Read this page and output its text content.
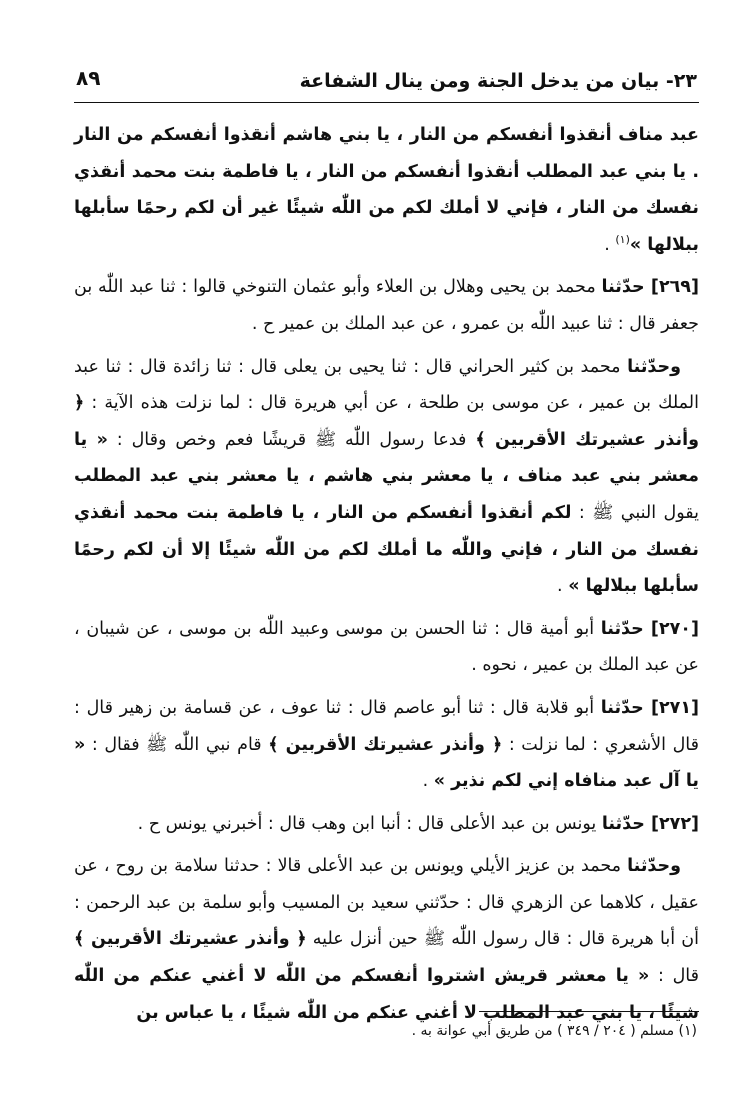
٢٣- بيان من يدخل الجنة ومن ينال الشفاعة
٨٩

عبد مناف أنقذوا أنفسكم من النار ، يا بني هاشم أنقذوا أنفسكم من النار . يا بني عبد المطلب أنقذوا أنفسكم من النار ، يا فاطمة بنت محمد أنقذي نفسك من النار ، فإني لا أملك لكم من اللّٰه شيئًا غير أن لكم رحمًا سأبلها ببلالها »$^{(١)}$ .

[٢٦٩] حدّثنا محمد بن يحيى وهلال بن العلاء وأبو عثمان التنوخي قالوا : ثنا عبد اللّٰه بن جعفر قال : ثنا عبيد اللّٰه بن عمرو ، عن عبد الملك بن عمير ح .

وحدّثنا محمد بن كثير الحراني قال : ثنا يحيى بن يعلى قال : ثنا زائدة قال : ثنا عبد الملك بن عمير ، عن موسى بن طلحة ، عن أبي هريرة قال : لما نزلت هذه الآية : ﴿ وأنذر عشيرتك الأقربين ﴾ فدعا رسول اللّٰه ﷺ قريشًا فعم وخص وقال : « يا معشر بني عبد مناف ، يا معشر بني هاشم ، يا معشر بني عبد المطلب يقول النبي ﷺ : لكم أنقذوا أنفسكم من النار ، يا فاطمة بنت محمد أنقذي نفسك من النار ، فإني واللّٰه ما أملك لكم من اللّٰه شيئًا إلا أن لكم رحمًا سأبلها ببلالها » .

[٢٧٠] حدّثنا أبو أمية قال : ثنا الحسن بن موسى وعبيد اللّٰه بن موسى ، عن شيبان ، عن عبد الملك بن عمير ، نحوه .

[٢٧١] حدّثنا أبو قلابة قال : ثنا أبو عاصم قال : ثنا عوف ، عن قسامة بن زهير قال : قال الأشعري : لما نزلت : ﴿ وأنذر عشيرتك الأقربين ﴾ قام نبي اللّٰه ﷺ فقال : « يا آل عبد منافاه إني لكم نذير » .

[٢٧٢] حدّثنا يونس بن عبد الأعلى قال : أنبا ابن وهب قال : أخبرني يونس ح .

وحدّثنا محمد بن عزيز الأيلي ويونس بن عبد الأعلى قالا : حدثنا سلامة بن روح ، عن عقيل ، كلاهما عن الزهري قال : حدّثني سعيد بن المسيب وأبو سلمة بن عبد الرحمن : أن أبا هريرة قال : قال رسول اللّٰه ﷺ حين أنزل عليه ﴿ وأنذر عشيرتك الأقربين ﴾ قال : « يا معشر قريش اشتروا أنفسكم من اللّٰه لا أغني عنكم من اللّٰه شيئًا ، يا بني عبد المطلب لا أغني عنكم من اللّٰه شيئًا ، يا عباس بن

(١) مسلم ( ٢٠٤ / ٣٤٩ ) من طريق أبي عوانة به .
